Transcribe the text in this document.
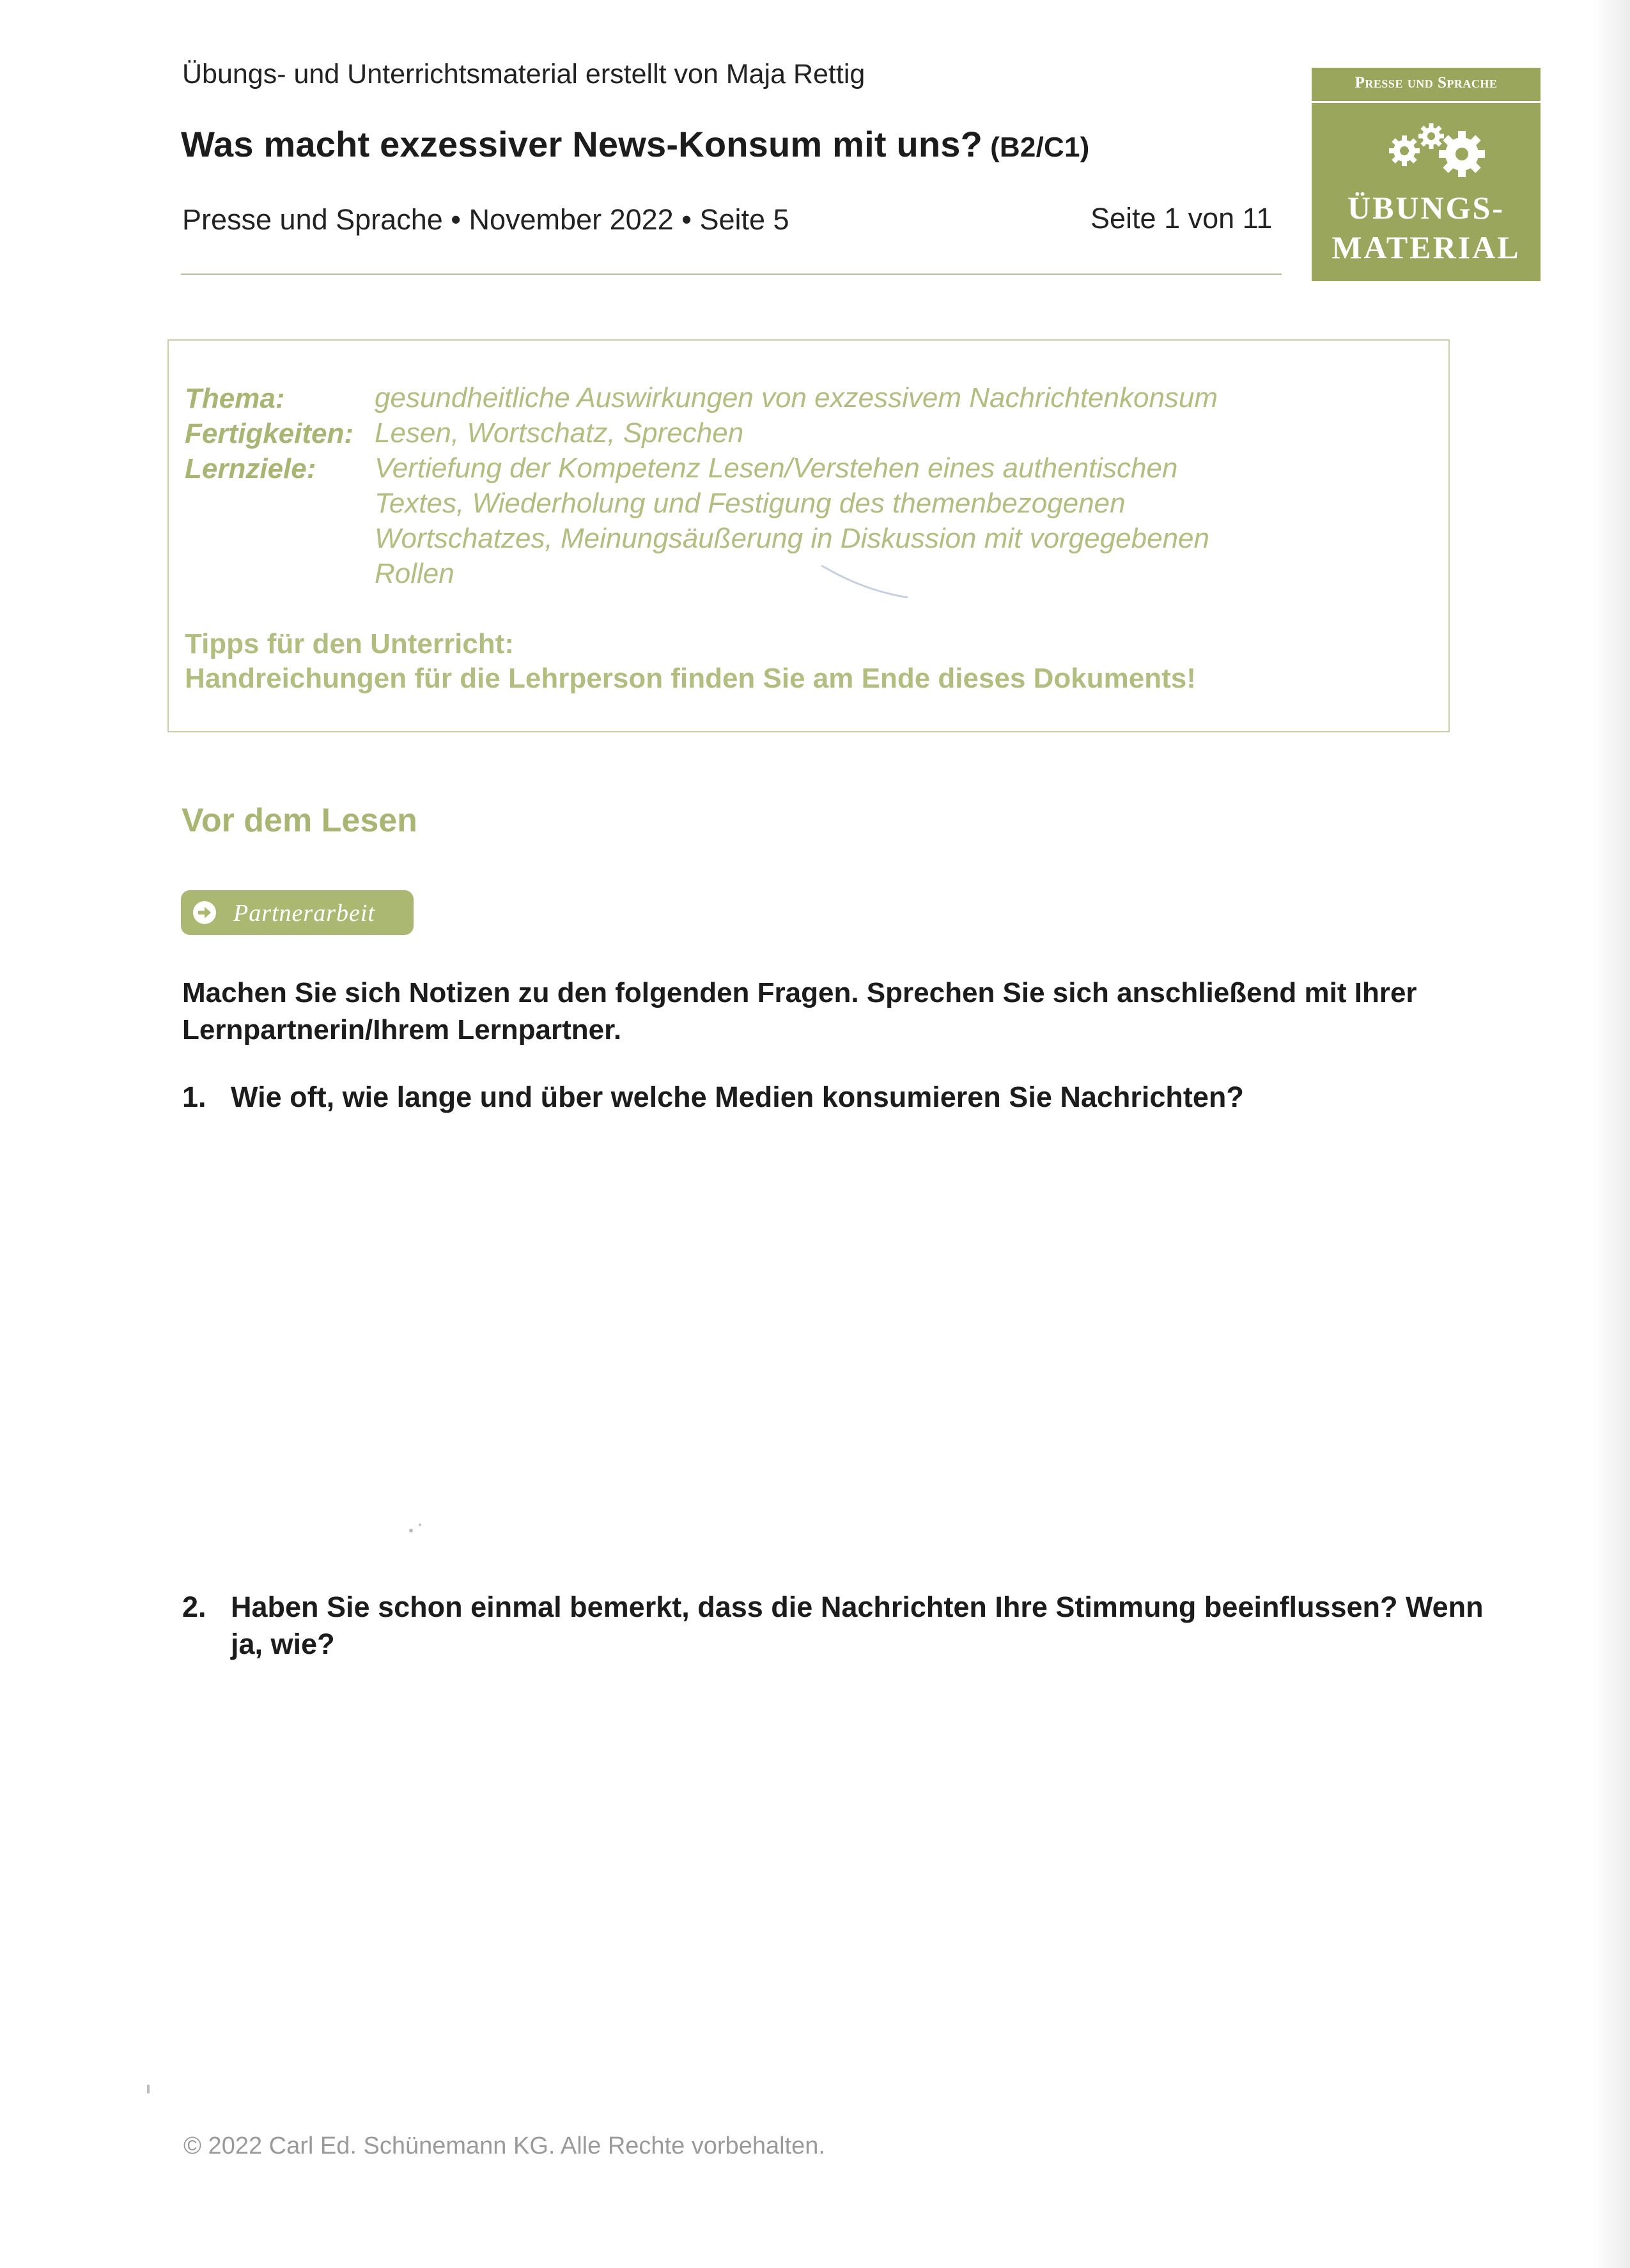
Übungs- und Unterrichtsmaterial erstellt von Maja Rettig
Was macht exzessiver News-Konsum mit uns? (B2/C1)
Presse und Sprache • November 2022 • Seite 5	Seite 1 von 11
Presse und Sprache
ÜBUNGS-
MATERIAL
Thema:	gesundheitliche Auswirkungen von exzessivem Nachrichtenkonsum
Fertigkeiten: Lesen, Wortschatz, Sprechen
Lernziele: Vertiefung der Kompetenz Lesen/Verstehen eines authentischen Textes, Wiederholung und Festigung des themenbezogenen Wortschatzes, Meinungsäußerung in Diskussion mit vorgegebenen Rollen
Tipps für den Unterricht:
Handreichungen für die Lehrperson finden Sie am Ende dieses Dokuments!
Vor dem Lesen
Partnerarbeit
Machen Sie sich Notizen zu den folgenden Fragen. Sprechen Sie sich anschließend mit Ihrer Lernpartnerin/Ihrem Lernpartner.
1. Wie oft, wie lange und über welche Medien konsumieren Sie Nachrichten?
2. Haben Sie schon einmal bemerkt, dass die Nachrichten Ihre Stimmung beeinflussen? Wenn ja, wie?
© 2022 Carl Ed. Schünemann KG. Alle Rechte vorbehalten.
